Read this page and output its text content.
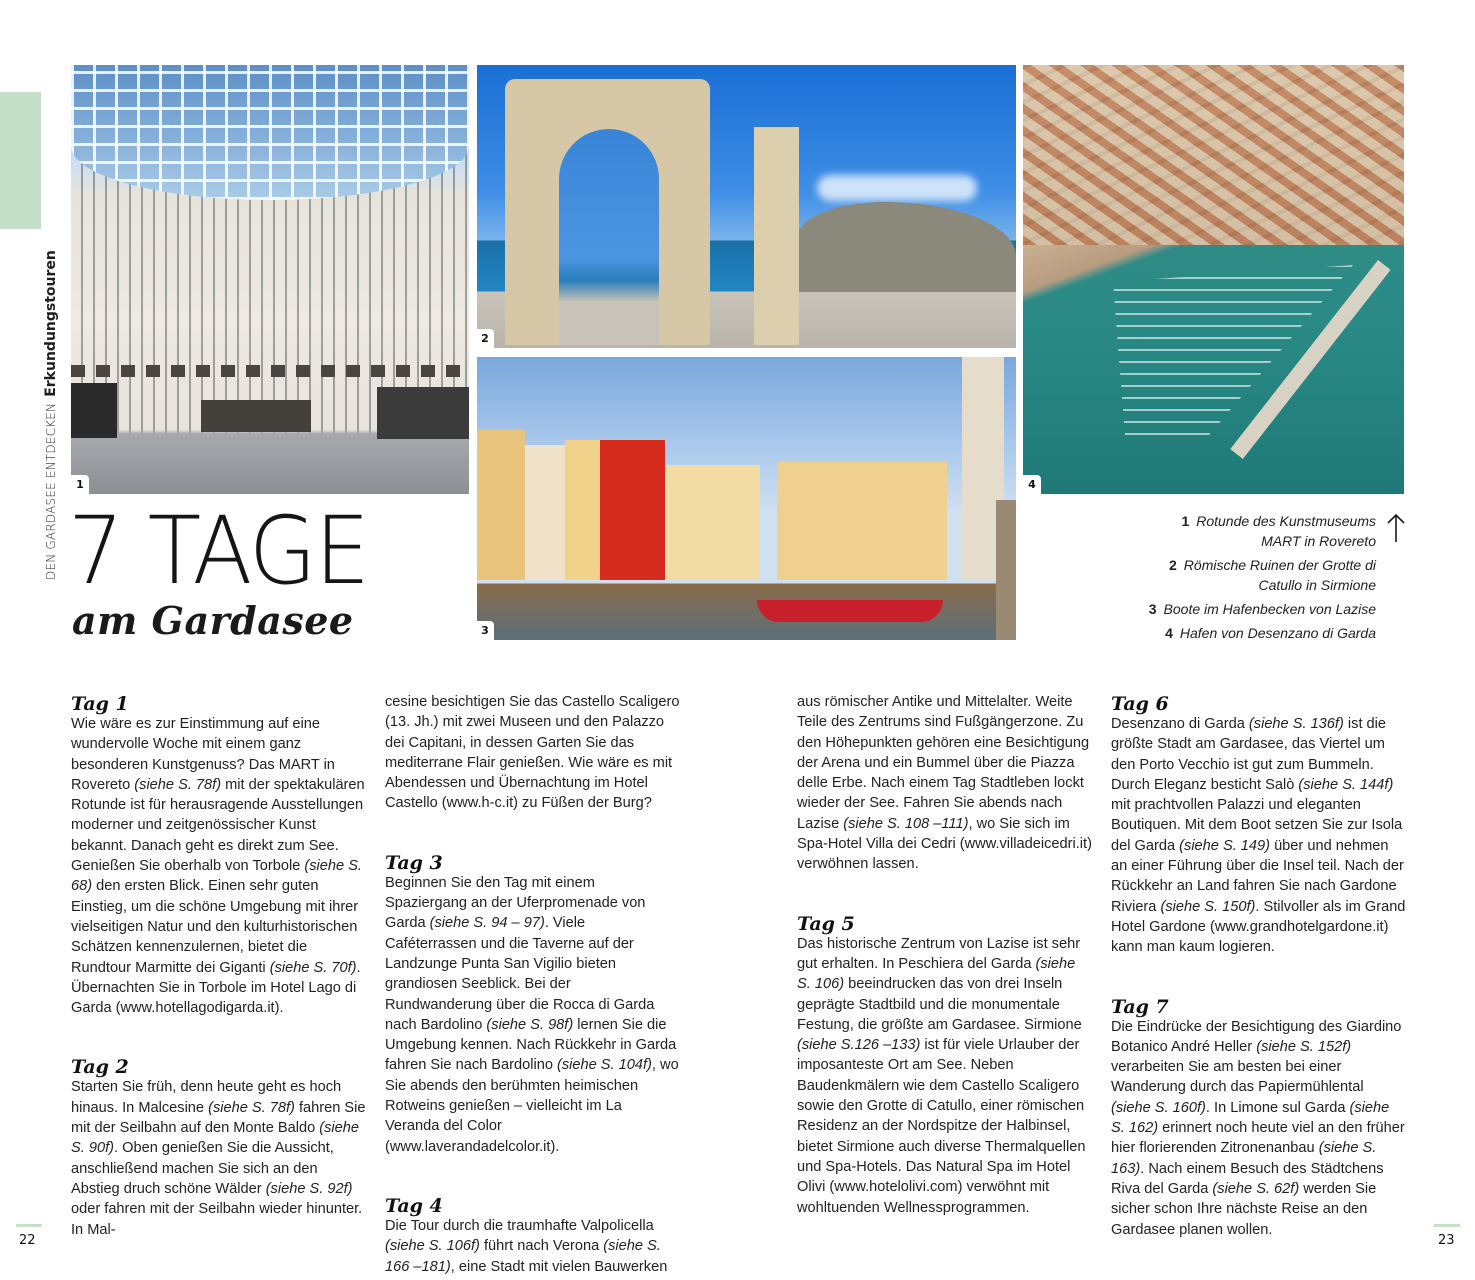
DEN GARDASEE ENTDECKEN
Erkundungstouren
1
2
3
4
7 TAGE
am Gardasee
1 Rotunde des Kunstmuseums
MART in Rovereto
2 Römische Ruinen der Grotte di
Catullo in Sirmione
3 Boote im Hafenbecken von Lazise
4 Hafen von Desenzano di Garda
Tag 1

Wie wäre es zur Einstimmung auf eine wundervolle Woche mit einem ganz besonderen Kunstgenuss? Das MART in Rovereto (siehe S. 78f) mit der spektakulären Rotunde ist für herausragende Ausstellungen moderner und zeitgenössischer Kunst bekannt. Danach geht es direkt zum See. Genießen Sie oberhalb von Torbole (siehe S. 68) den ersten Blick. Einen sehr guten Einstieg, um die schöne Umgebung mit ihrer vielseitigen Natur und den kulturhistorischen Schätzen kennenzulernen, bietet die Rundtour Marmitte dei Giganti (siehe S. 70f). Übernachten Sie in Torbole im Hotel Lago di Garda (www.hotellagodigarda.it).

Tag 2

Starten Sie früh, denn heute geht es hoch hinaus. In Malcesine (siehe S. 78f) fahren Sie mit der Seilbahn auf den Monte Baldo (siehe S. 90f). Oben genießen Sie die Aussicht, anschließend machen Sie sich an den Abstieg druch schöne Wälder (siehe S. 92f) oder fahren mit der Seilbahn wieder hinunter. In Mal-

cesine besichtigen Sie das Castello Scaligero (13. Jh.) mit zwei Museen und den Palazzo dei Capitani, in dessen Garten Sie das mediterrane Flair genießen. Wie wäre es mit Abendessen und Übernachtung im Hotel Castello (www.h-c.it) zu Füßen der Burg?

Tag 3

Beginnen Sie den Tag mit einem Spaziergang an der Uferpromenade von Garda (siehe S. 94 – 97). Viele Caféterrassen und die Taverne auf der Landzunge Punta San Vigilio bieten grandiosen Seeblick. Bei der Rundwanderung über die Rocca di Garda nach Bardolino (siehe S. 98f) lernen Sie die Umgebung kennen. Nach Rückkehr in Garda fahren Sie nach Bardolino (siehe S. 104f), wo Sie abends den berühmten heimischen Rotweins genießen – vielleicht im La Veranda del Color (www.laverandadelcolor.it).

Tag 4

Die Tour durch die traumhafte Valpolicella (siehe S. 106f) führt nach Verona (siehe S. 166 –181), eine Stadt mit vielen Bauwerken

aus römischer Antike und Mittelalter. Weite Teile des Zentrums sind Fußgängerzone. Zu den Höhepunkten gehören eine Besichtigung der Arena und ein Bummel über die Piazza delle Erbe. Nach einem Tag Stadtleben lockt wieder der See. Fahren Sie abends nach Lazise (siehe S. 108 –111), wo Sie sich im Spa-Hotel Villa dei Cedri (www.villadeicedri.it) verwöhnen lassen.

Tag 5

Das historische Zentrum von Lazise ist sehr gut erhalten. In Peschiera del Garda (siehe S. 106) beeindrucken das von drei Inseln geprägte Stadtbild und die monumentale Festung, die größte am Gardasee. Sirmione (siehe S.126 –133) ist für viele Urlauber der imposanteste Ort am See. Neben Baudenkmälern wie dem Castello Scaligero sowie den Grotte di Catullo, einer römischen Residenz an der Nordspitze der Halbinsel, bietet Sirmione auch diverse Thermalquellen und Spa-Hotels. Das Natural Spa im Hotel Olivi (www.hotelolivi.com) verwöhnt mit wohltuenden Wellnessprogrammen.

Tag 6

Desenzano di Garda (siehe S. 136f) ist die größte Stadt am Gardasee, das Viertel um den Porto Vecchio ist gut zum Bummeln. Durch Eleganz besticht Salò (siehe S. 144f) mit prachtvollen Palazzi und eleganten Boutiquen. Mit dem Boot setzen Sie zur Isola del Garda (siehe S. 149) über und nehmen an einer Führung über die Insel teil. Nach der Rückkehr an Land fahren Sie nach Gardone Riviera (siehe S. 150f). Stilvoller als im Grand Hotel Gardone (www.grandhotelgardone.it) kann man kaum logieren.

Tag 7

Die Eindrücke der Besichtigung des Giardino Botanico André Heller (siehe S. 152f) verarbeiten Sie am besten bei einer Wanderung durch das Papiermühlental (siehe S. 160f). In Limone sul Garda (siehe S. 162) erinnert noch heute viel an den früher hier florierenden Zitronenanbau (siehe S. 163). Nach einem Besuch des Städtchens Riva del Garda (siehe S. 62f) werden Sie sicher schon Ihre nächste Reise an den Gardasee planen wollen.

22	23
